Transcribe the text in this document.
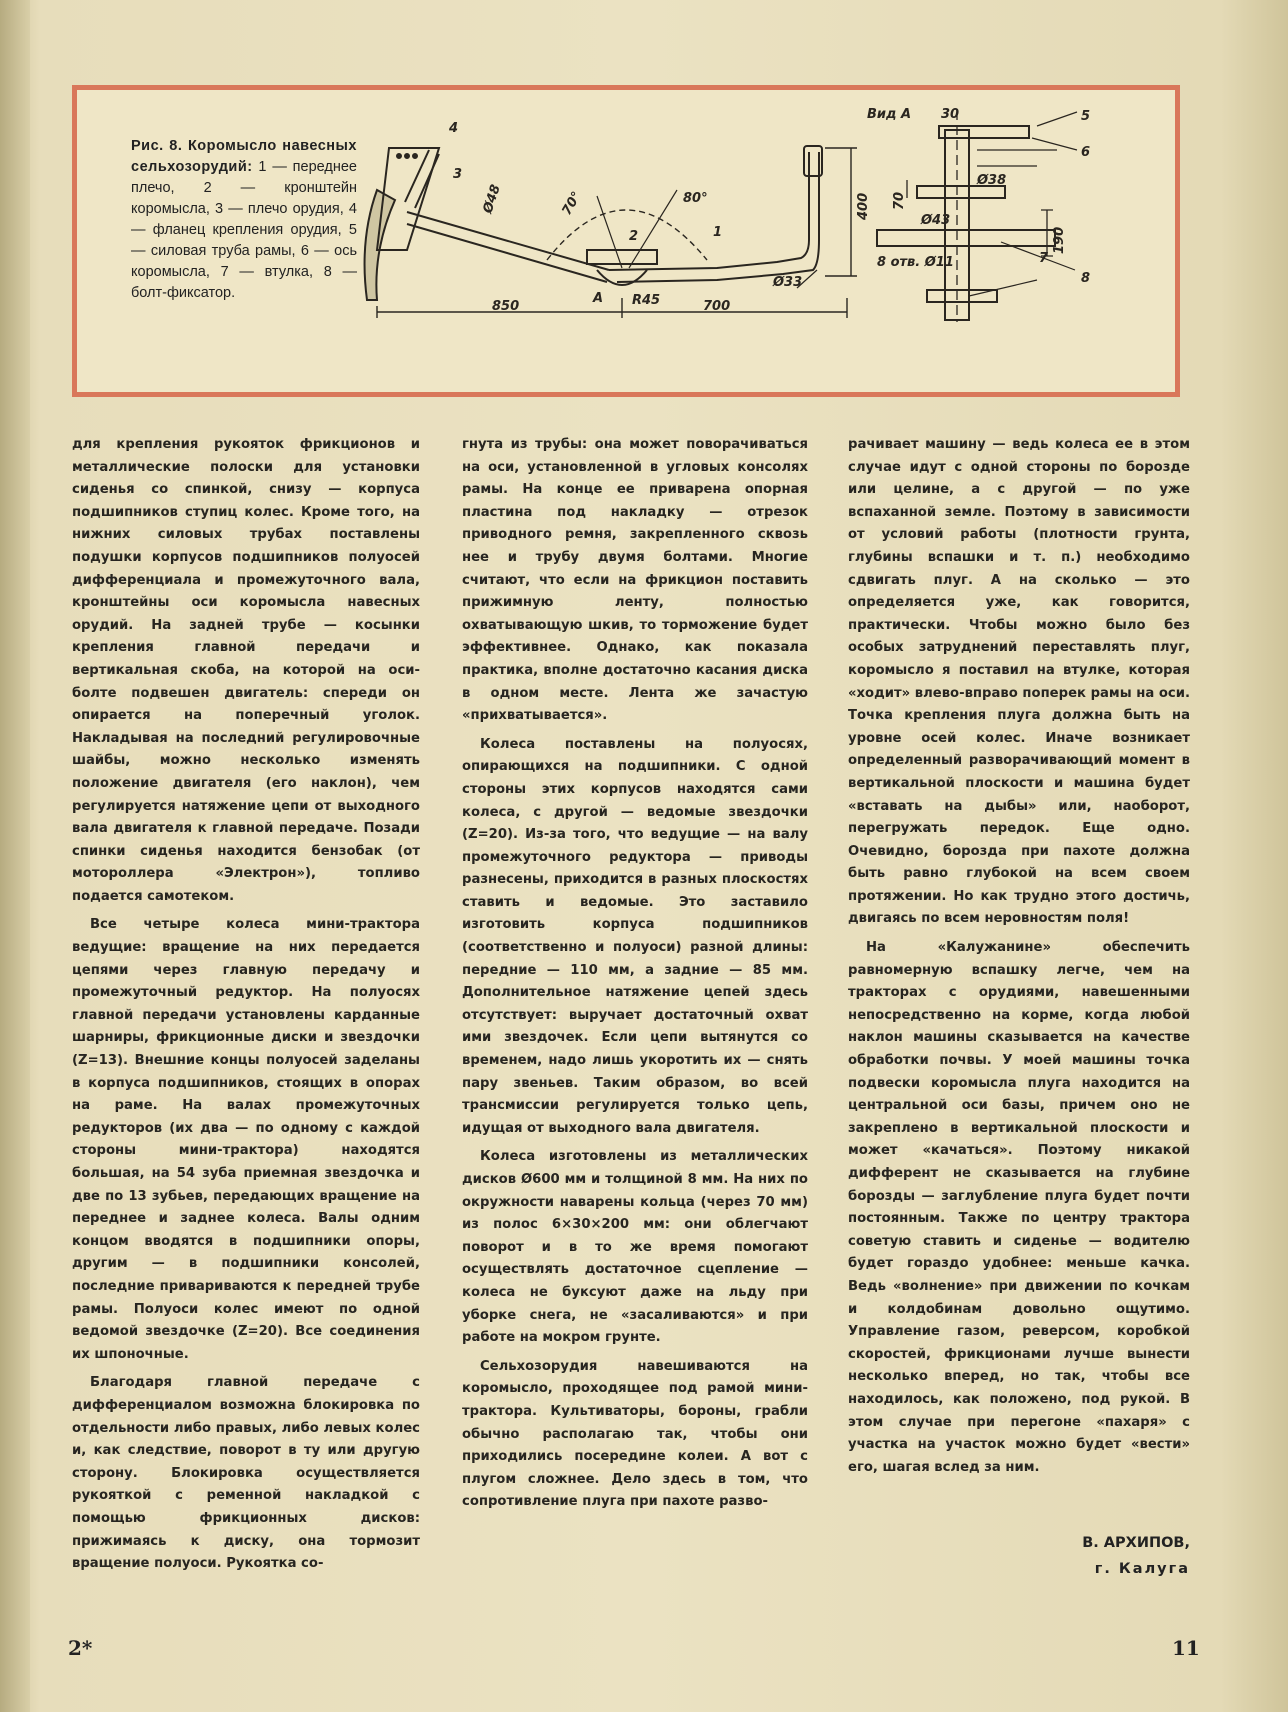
Рис. 8. Коромысло навесных сельхозорудий: 1 — переднее плечо, 2 — кронштейн коромысла, 3 — плечо орудия, 4 — фланец крепления орудия, 5 — силовая труба рамы, 6 — ось коромысла, 7 — втулка, 8 — болт-фиксатор.
4
3
2	1
Ø48	70°	80°	400
Ø33
R45
850	700
A
Вид А 30	5
6
Ø38
70
Ø43
190
8 отв. Ø11	7
8

для крепления рукояток фрикционов и металлические полоски для установки сиденья со спинкой, снизу — корпуса подшипников ступиц колес. Кроме того, на нижних силовых трубах поставлены подушки корпусов подшипников полуосей дифференциала и промежуточного вала, кронштейны оси коромысла навесных орудий. На задней трубе — косынки крепления главной передачи и вертикальная скоба, на которой на оси-болте подвешен двигатель: спереди он опирается на поперечный уголок. Накладывая на последний регулировочные шайбы, можно несколько изменять положение двигателя (его наклон), чем регулируется натяжение цепи от выходного вала двигателя к главной передаче. Позади спинки сиденья находится бензобак (от мотороллера «Электрон»), топливо подается самотеком.

Все четыре колеса мини-трактора ведущие: вращение на них передается цепями через главную передачу и промежуточный редуктор. На полуосях главной передачи установлены карданные шарниры, фрикционные диски и звездочки (Z=13). Внешние концы полуосей заделаны в корпуса подшипников, стоящих в опорах на раме. На валах промежуточных редукторов (их два — по одному с каждой стороны мини-трактора) находятся большая, на 54 зуба приемная звездочка и две по 13 зубьев, передающих вращение на переднее и заднее колеса. Валы одним концом вводятся в подшипники опоры, другим — в подшипники консолей, последние привариваются к передней трубе рамы. Полуоси колес имеют по одной ведомой звездочке (Z=20). Все соединения их шпоночные.

Благодаря главной передаче с дифференциалом возможна блокировка по отдельности либо правых, либо левых колес и, как следствие, поворот в ту или другую сторону. Блокировка осуществляется рукояткой с ременной накладкой с помощью фрикционных дисков: прижимаясь к диску, она тормозит вращение полуоси. Рукоятка со-

гнута из трубы: она может поворачиваться на оси, установленной в угловых консолях рамы. На конце ее приварена опорная пластина под накладку — отрезок приводного ремня, закрепленного сквозь нее и трубу двумя болтами. Многие считают, что если на фрикцион поставить прижимную ленту, полностью охватывающую шкив, то торможение будет эффективнее. Однако, как показала практика, вполне достаточно касания диска в одном месте. Лента же зачастую «прихватывается».

Колеса поставлены на полуосях, опирающихся на подшипники. С одной стороны этих корпусов находятся сами колеса, с другой — ведомые звездочки (Z=20). Из-за того, что ведущие — на валу промежуточного редуктора — приводы разнесены, приходится в разных плоскостях ставить и ведомые. Это заставило изготовить корпуса подшипников (соответственно и полуоси) разной длины: передние — 110 мм, а задние — 85 мм. Дополнительное натяжение цепей здесь отсутствует: выручает достаточный охват ими звездочек. Если цепи вытянутся со временем, надо лишь укоротить их — снять пару звеньев. Таким образом, во всей трансмиссии регулируется только цепь, идущая от выходного вала двигателя.

Колеса изготовлены из металлических дисков Ø600 мм и толщиной 8 мм. На них по окружности наварены кольца (через 70 мм) из полос 6×30×200 мм: они облегчают поворот и в то же время помогают осуществлять достаточное сцепление — колеса не буксуют даже на льду при уборке снега, не «засаливаются» и при работе на мокром грунте.

Сельхозорудия навешиваются на коромысло, проходящее под рамой мини-трактора. Культиваторы, бороны, грабли обычно располагаю так, чтобы они приходились посередине колеи. А вот с плугом сложнее. Дело здесь в том, что сопротивление плуга при пахоте разво-

рачивает машину — ведь колеса ее в этом случае идут с одной стороны по борозде или целине, а с другой — по уже вспаханной земле. Поэтому в зависимости от условий работы (плотности грунта, глубины вспашки и т. п.) необходимо сдвигать плуг. А на сколько — это определяется уже, как говорится, практически. Чтобы можно было без особых затруднений переставлять плуг, коромысло я поставил на втулке, которая «ходит» влево-вправо поперек рамы на оси. Точка крепления плуга должна быть на уровне осей колес. Иначе возникает определенный разворачивающий момент в вертикальной плоскости и машина будет «вставать на дыбы» или, наоборот, перегружать передок. Еще одно. Очевидно, борозда при пахоте должна быть равно глубокой на всем своем протяжении. Но как трудно этого достичь, двигаясь по всем неровностям поля!

На «Калужанине» обеспечить равномерную вспашку легче, чем на тракторах с орудиями, навешенными непосредственно на корме, когда любой наклон машины сказывается на качестве обработки почвы. У моей машины точка подвески коромысла плуга находится на центральной оси базы, причем оно не закреплено в вертикальной плоскости и может «качаться». Поэтому никакой дифферент не сказывается на глубине борозды — заглубление плуга будет почти постоянным. Также по центру трактора советую ставить и сиденье — водителю будет гораздо удобнее: меньше качка. Ведь «волнение» при движении по кочкам и колдобинам довольно ощутимо. Управление газом, реверсом, коробкой скоростей, фрикционами лучше вынести несколько вперед, но так, чтобы все находилось, как положено, под рукой. В этом случае при перегоне «пахаря» с участка на участок можно будет «вести» его, шагая вслед за ним.

В. АРХИПОВ,
г. Калуга
2*	11
